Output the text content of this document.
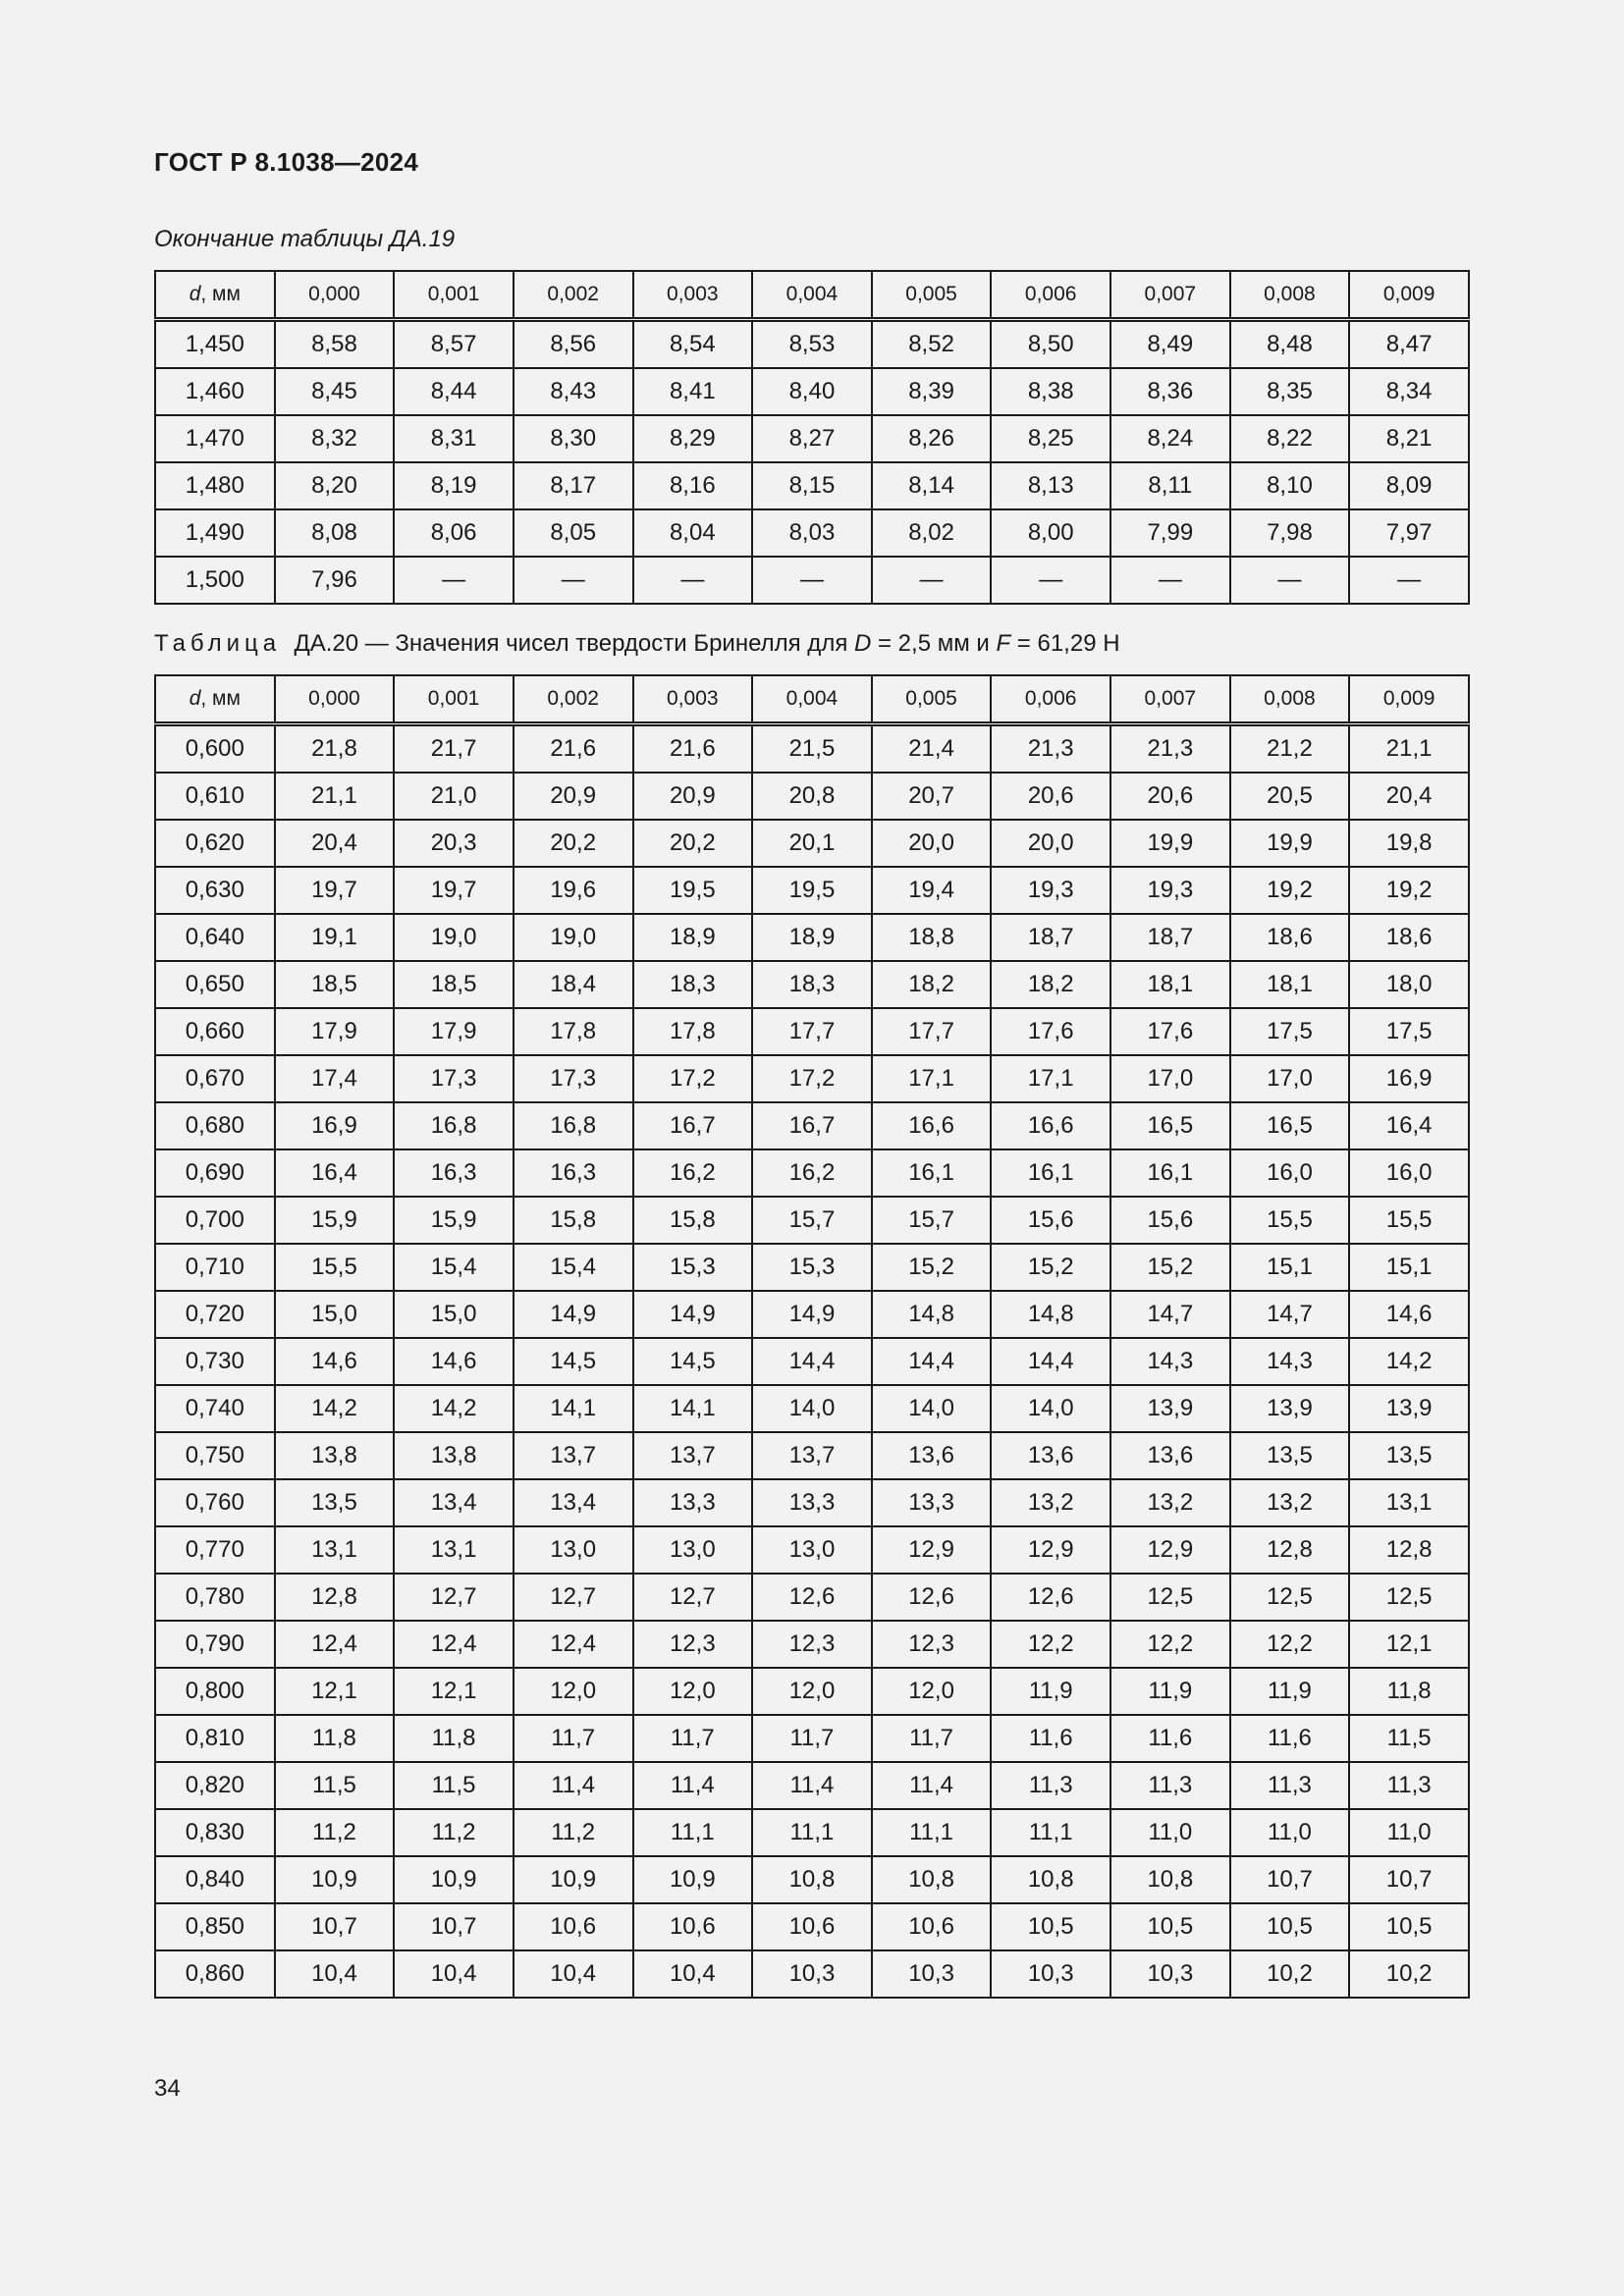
ГОСТ Р 8.1038—2024
Окончание таблицы ДА.19
d, мм	0,000	0,001	0,002	0,003	0,004	0,005	0,006	0,007	0,008	0,009
1,450	8,58	8,57	8,56	8,54	8,53	8,52	8,50	8,49	8,48	8,47
1,460	8,45	8,44	8,43	8,41	8,40	8,39	8,38	8,36	8,35	8,34
1,470	8,32	8,31	8,30	8,29	8,27	8,26	8,25	8,24	8,22	8,21
1,480	8,20	8,19	8,17	8,16	8,15	8,14	8,13	8,11	8,10	8,09
1,490	8,08	8,06	8,05	8,04	8,03	8,02	8,00	7,99	7,98	7,97
1,500	7,96	—	—	—	—	—	—	—	—	—
Таблица ДА.20 — Значения чисел твердости Бринелля для D = 2,5 мм и F = 61,29 Н
d, мм	0,000	0,001	0,002	0,003	0,004	0,005	0,006	0,007	0,008	0,009
0,600	21,8	21,7	21,6	21,6	21,5	21,4	21,3	21,3	21,2	21,1
0,610	21,1	21,0	20,9	20,9	20,8	20,7	20,6	20,6	20,5	20,4
0,620	20,4	20,3	20,2	20,2	20,1	20,0	20,0	19,9	19,9	19,8
0,630	19,7	19,7	19,6	19,5	19,5	19,4	19,3	19,3	19,2	19,2
0,640	19,1	19,0	19,0	18,9	18,9	18,8	18,7	18,7	18,6	18,6
0,650	18,5	18,5	18,4	18,3	18,3	18,2	18,2	18,1	18,1	18,0
0,660	17,9	17,9	17,8	17,8	17,7	17,7	17,6	17,6	17,5	17,5
0,670	17,4	17,3	17,3	17,2	17,2	17,1	17,1	17,0	17,0	16,9
0,680	16,9	16,8	16,8	16,7	16,7	16,6	16,6	16,5	16,5	16,4
0,690	16,4	16,3	16,3	16,2	16,2	16,1	16,1	16,1	16,0	16,0
0,700	15,9	15,9	15,8	15,8	15,7	15,7	15,6	15,6	15,5	15,5
0,710	15,5	15,4	15,4	15,3	15,3	15,2	15,2	15,2	15,1	15,1
0,720	15,0	15,0	14,9	14,9	14,9	14,8	14,8	14,7	14,7	14,6
0,730	14,6	14,6	14,5	14,5	14,4	14,4	14,4	14,3	14,3	14,2
0,740	14,2	14,2	14,1	14,1	14,0	14,0	14,0	13,9	13,9	13,9
0,750	13,8	13,8	13,7	13,7	13,7	13,6	13,6	13,6	13,5	13,5
0,760	13,5	13,4	13,4	13,3	13,3	13,3	13,2	13,2	13,2	13,1
0,770	13,1	13,1	13,0	13,0	13,0	12,9	12,9	12,9	12,8	12,8
0,780	12,8	12,7	12,7	12,7	12,6	12,6	12,6	12,5	12,5	12,5
0,790	12,4	12,4	12,4	12,3	12,3	12,3	12,2	12,2	12,2	12,1
0,800	12,1	12,1	12,0	12,0	12,0	12,0	11,9	11,9	11,9	11,8
0,810	11,8	11,8	11,7	11,7	11,7	11,7	11,6	11,6	11,6	11,5
0,820	11,5	11,5	11,4	11,4	11,4	11,4	11,3	11,3	11,3	11,3
0,830	11,2	11,2	11,2	11,1	11,1	11,1	11,1	11,0	11,0	11,0
0,840	10,9	10,9	10,9	10,9	10,8	10,8	10,8	10,8	10,7	10,7
0,850	10,7	10,7	10,6	10,6	10,6	10,6	10,5	10,5	10,5	10,5
0,860	10,4	10,4	10,4	10,4	10,3	10,3	10,3	10,3	10,2	10,2
34
